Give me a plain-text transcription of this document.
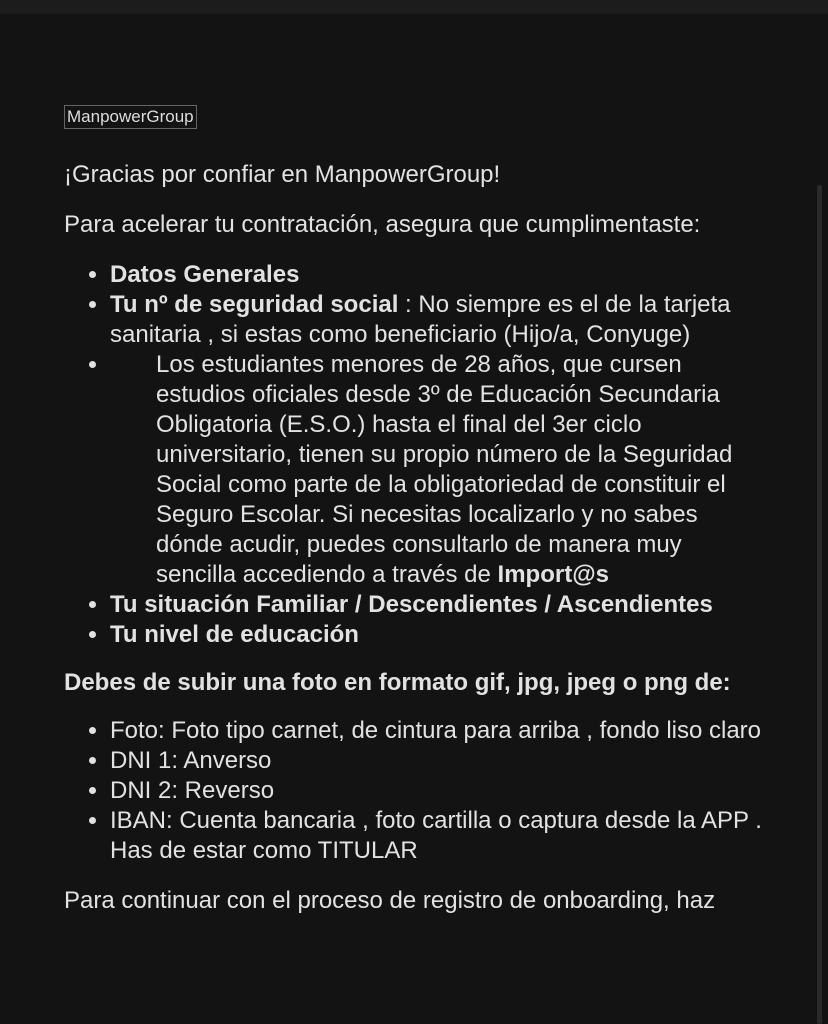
ManpowerGroup

¡Gracias por confiar en ManpowerGroup!

Para acelerar tu contratación, asegura que cumplimentaste:

• Datos Generales
• Tu nº de seguridad social : No siempre es el de la tarjeta sanitaria , si estas como beneficiario (Hijo/a, Conyuge)
• Los estudiantes menores de 28 años, que cursen estudios oficiales desde 3º de Educación Secundaria Obligatoria (E.S.O.) hasta el final del 3er ciclo universitario, tienen su propio número de la Seguridad Social como parte de la obligatoriedad de constituir el Seguro Escolar. Si necesitas localizarlo y no sabes dónde acudir, puedes consultarlo de manera muy sencilla accediendo a través de Import@s
• Tu situación Familiar / Descendientes / Ascendientes
• Tu nivel de educación

Debes de subir una foto en formato gif, jpg, jpeg o png de:

• Foto: Foto tipo carnet, de cintura para arriba , fondo liso claro
• DNI 1: Anverso
• DNI 2: Reverso
• IBAN: Cuenta bancaria , foto cartilla o captura desde la APP . Has de estar como TITULAR

Para continuar con el proceso de registro de onboarding, haz
